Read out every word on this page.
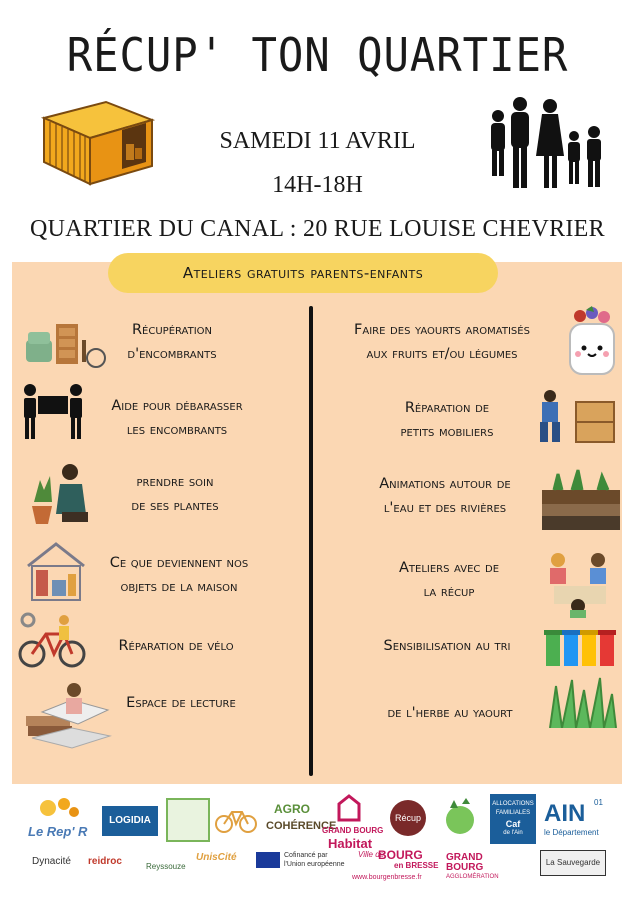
RÉCUP' TON QUARTIER
SAMEDI 11 AVRIL
14H-18H
QUARTIER DU CANAL : 20 RUE LOUISE CHEVRIER
Ateliers gratuits parents-enfants
Récupération
d'encombrants
Aide pour débarasser
les encombrants
prendre soin
de ses plantes
Ce que deviennent nos
objets de la maison
Réparation de vélo
Espace de lecture
Faire des yaourts aromatisés
aux fruits et/ou légumes
Réparation de
petits mobiliers
Animations autour de
l'eau et des rivières
Ateliers avec de
la récup
Sensibilisation au tri
de l'herbe au yaourt
Le Rep' R
LOGIDIA
AGRO
COHÉRENCE
GRAND BOURG
Habitat
Récup
ALLOCATIONS
FAMILIALES
Caf
de l'Ain
AIN 01
le Département
Dynacité reidroc	Reyssouze
UnisCité	Cofinancé par
l'Union européenne
Ville de
BOURG
en BRESSE
www.bourgenbresse.fr
GRAND
BOURG
AGGLOMÉRATION
La Sauvegarde
